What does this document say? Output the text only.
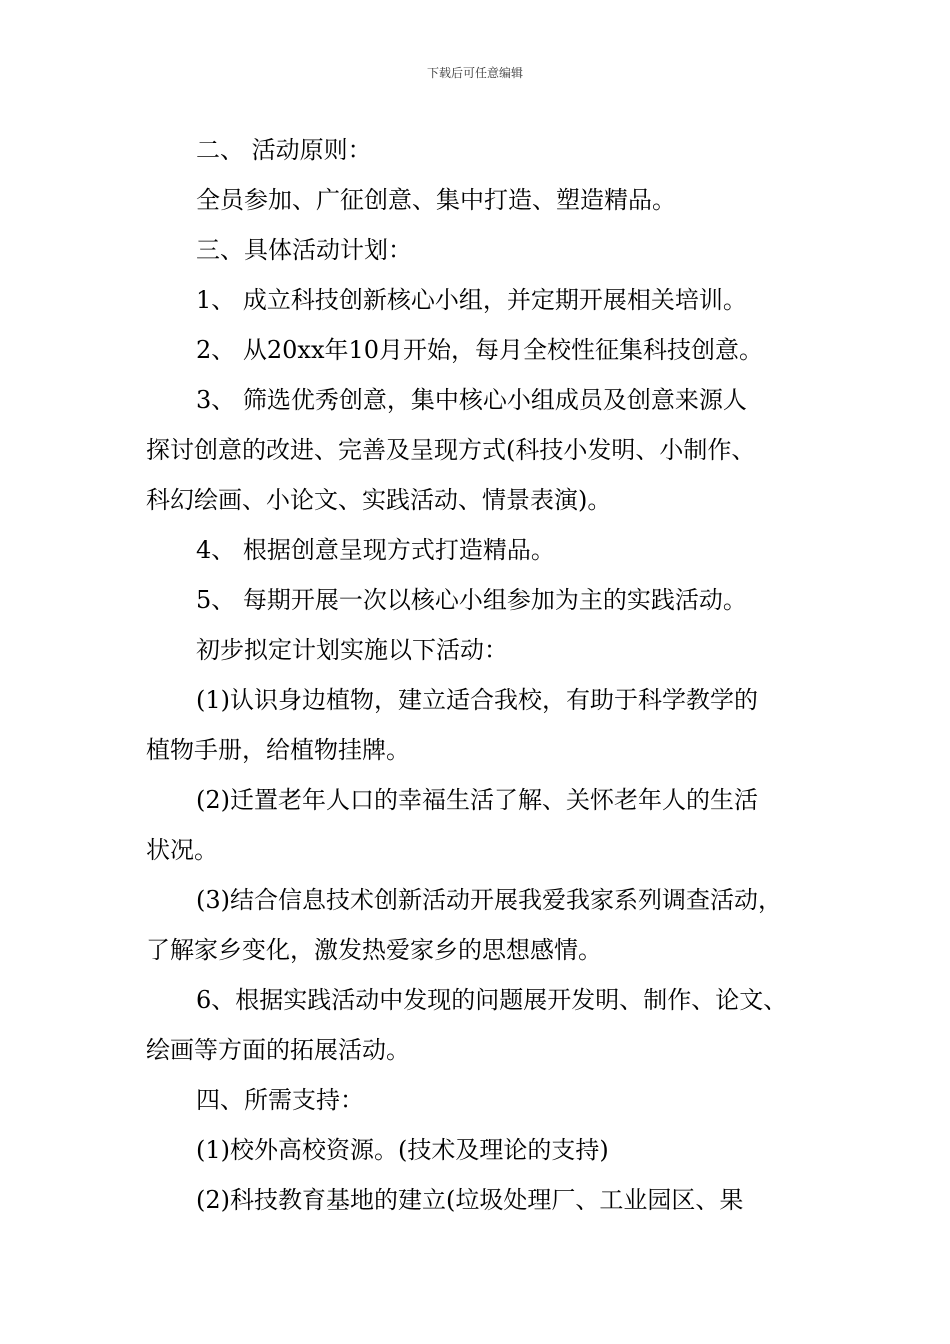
下载后可任意编辑
二、 活动原则：
全员参加、广征创意、集中打造、塑造精品。
三、具体活动计划：
1、 成立科技创新核心小组，并定期开展相关培训。
2、 从20xx年10月开始，每月全校性征集科技创意。
3、 筛选优秀创意，集中核心小组成员及创意来源人
探讨创意的改进、完善及呈现方式(科技小发明、小制作、
科幻绘画、小论文、实践活动、情景表演)。
4、 根据创意呈现方式打造精品。
5、 每期开展一次以核心小组参加为主的实践活动。
初步拟定计划实施以下活动：
(1)认识身边植物，建立适合我校，有助于科学教学的
植物手册，给植物挂牌。
(2)迁置老年人口的幸福生活了解、关怀老年人的生活
状况。
(3)结合信息技术创新活动开展我爱我家系列调查活动，
了解家乡变化，激发热爱家乡的思想感情。
6、根据实践活动中发现的问题展开发明、制作、论文、
绘画等方面的拓展活动。
四、所需支持：
(1)校外高校资源。(技术及理论的支持)
(2)科技教育基地的建立(垃圾处理厂、工业园区、果
